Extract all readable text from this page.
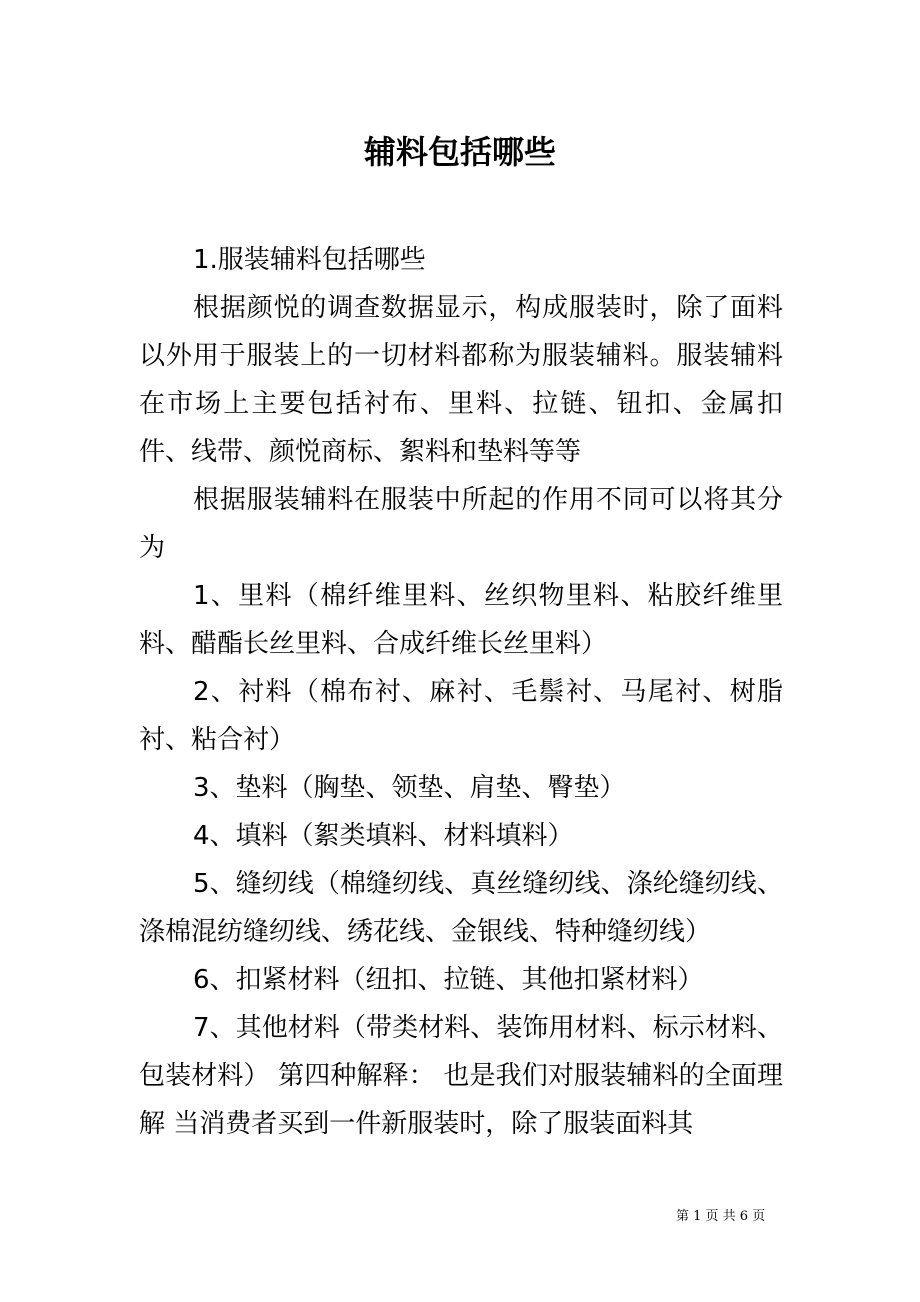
辅料包括哪些

1.服装辅料包括哪些

根据颜悦的调查数据显示，构成服装时，除了面料以外用于服装上的一切材料都称为服装辅料。服装辅料在市场上主要包括衬布、里料、拉链、钮扣、金属扣件、线带、颜悦商标、絮料和垫料等等

根据服装辅料在服装中所起的作用不同可以将其分为

1、里料（棉纤维里料、丝织物里料、粘胶纤维里料、醋酯长丝里料、合成纤维长丝里料）

2、衬料（棉布衬、麻衬、毛鬃衬、马尾衬、树脂衬、粘合衬）

3、垫料（胸垫、领垫、肩垫、臀垫）

4、填料（絮类填料、材料填料）

5、缝纫线（棉缝纫线、真丝缝纫线、涤纶缝纫线、涤棉混纺缝纫线、绣花线、金银线、特种缝纫线）

6、扣紧材料（纽扣、拉链、其他扣紧材料）

7、其他材料（带类材料、装饰用材料、标示材料、包装材料） 第四种解释： 也是我们对服装辅料的全面理解 当消费者买到一件新服装时，除了服装面料其

第 1 页 共 6 页
